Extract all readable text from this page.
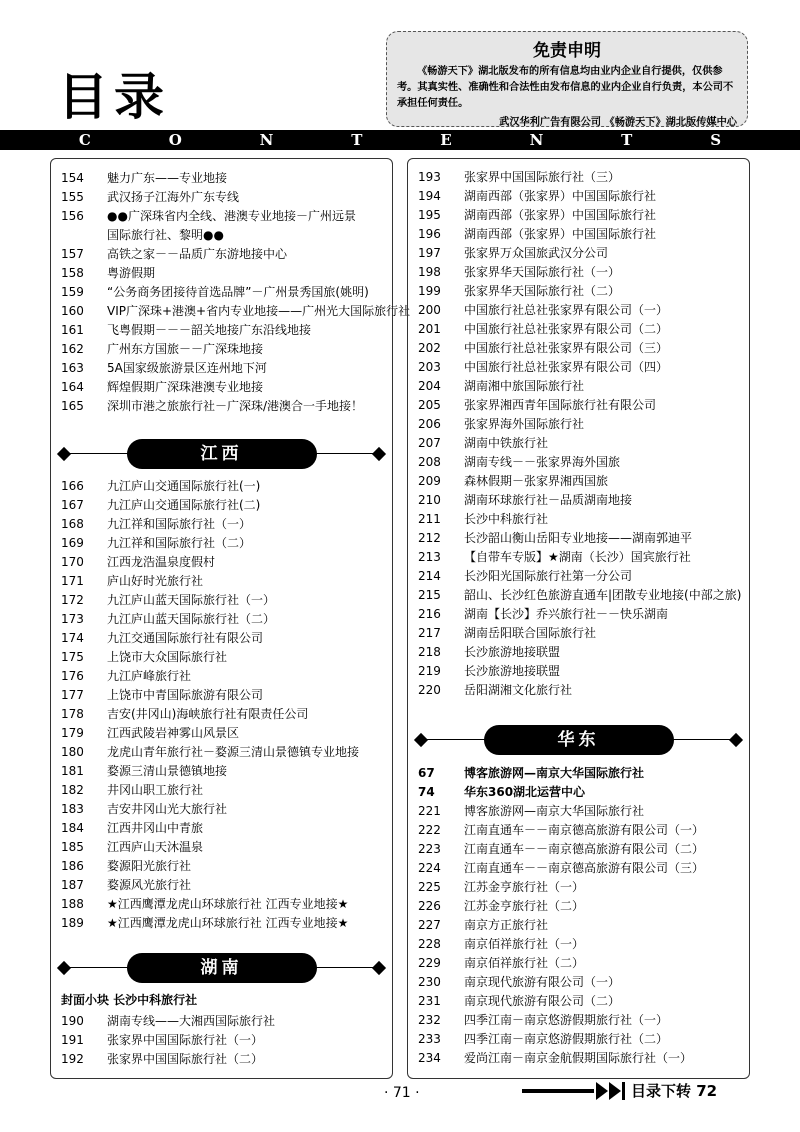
目录
免责申明
《畅游天下》湖北版发布的所有信息均由业内企业自行提供，仅供参考。其真实性、准确性和合法性由发布信息的业内企业自行负责，本公司不承担任何责任。
武汉华利广告有限公司 《畅游天下》湖北版传媒中心
C	O	N	T	E	N	T	S
154	魅力广东——专业地接
155	武汉扬子江海外广东专线
156	●●广深珠省内全线、港澳专业地接－广州远景
国际旅行社、黎明●●
157	高铁之家－－品质广东游地接中心
158	粤游假期
159	“公务商务团接待首选品牌”－广州景秀国旅(姚明)
160	VIP广深珠+港澳+省内专业地接——广州光大国际旅行社
161	飞粤假期－－－韶关地接广东沿线地接
162	广州东方国旅－－广深珠地接
163	5A国家级旅游景区连州地下河
164	辉煌假期广深珠港澳专业地接
165	深圳市港之旅旅行社－广深珠/港澳合一手地接！
江西
166	九江庐山交通国际旅行社(一)
167	九江庐山交通国际旅行社(二)
168	九江祥和国际旅行社（一）
169	九江祥和国际旅行社（二）
170	江西龙浩温泉度假村
171	庐山好时光旅行社
172	九江庐山蓝天国际旅行社（一）
173	九江庐山蓝天国际旅行社（二）
174	九江交通国际旅行社有限公司
175	上饶市大众国际旅行社
176	九江庐峰旅行社
177	上饶市中青国际旅游有限公司
178	吉安(井冈山)海峡旅行社有限责任公司
179	江西武陵岩神雾山风景区
180	龙虎山青年旅行社－婺源三清山景德镇专业地接
181	婺源三清山景德镇地接
182	井冈山职工旅行社
183	吉安井冈山光大旅行社
184	江西井冈山中青旅
185	江西庐山天沐温泉
186	婺源阳光旅行社
187	婺源风光旅行社
188	★江西鹰潭龙虎山环球旅行社 江西专业地接★
189	★江西鹰潭龙虎山环球旅行社 江西专业地接★
湖南
封面小块 长沙中科旅行社
190	湖南专线——大湘西国际旅行社
191	张家界中国国际旅行社（一）
192	张家界中国国际旅行社（二）
193	张家界中国国际旅行社（三）
194	湖南西部（张家界）中国国际旅行社
195	湖南西部（张家界）中国国际旅行社
196	湖南西部（张家界）中国国际旅行社
197	张家界万众国旅武汉分公司
198	张家界华天国际旅行社（一）
199	张家界华天国际旅行社（二）
200	中国旅行社总社张家界有限公司（一）
201	中国旅行社总社张家界有限公司（二）
202	中国旅行社总社张家界有限公司（三）
203	中国旅行社总社张家界有限公司（四）
204	湖南湘中旅国际旅行社
205	张家界湘西青年国际旅行社有限公司
206	张家界海外国际旅行社
207	湖南中铁旅行社
208	湖南专线－－张家界海外国旅
209	森林假期－张家界湘西国旅
210	湖南环球旅行社－品质湖南地接
211	长沙中科旅行社
212	长沙韶山衡山岳阳专业地接——湖南郭迪平
213	【自带车专版】★湖南（长沙）国宾旅行社
214	长沙阳光国际旅行社第一分公司
215	韶山、长沙红色旅游直通车|团散专业地接(中部之旅)
216	湖南【长沙】乔兴旅行社－－快乐湖南
217	湖南岳阳联合国际旅行社
218	长沙旅游地接联盟
219	长沙旅游地接联盟
220	岳阳湖湘文化旅行社
华东
67	博客旅游网—南京大华国际旅行社
74	华东360湖北运营中心
221	博客旅游网—南京大华国际旅行社
222	江南直通车－－南京德高旅游有限公司（一）
223	江南直通车－－南京德高旅游有限公司（二）
224	江南直通车－－南京德高旅游有限公司（三）
225	江苏金亨旅行社（一）
226	江苏金亨旅行社（二）
227	南京方正旅行社
228	南京佰祥旅行社（一）
229	南京佰祥旅行社（二）
230	南京现代旅游有限公司（一）
231	南京现代旅游有限公司（二）
232	四季江南－南京悠游假期旅行社（一）
233	四季江南－南京悠游假期旅行社（二）
234	爱尚江南－南京金航假期国际旅行社（一）
· 71 ·	目录下转 72
